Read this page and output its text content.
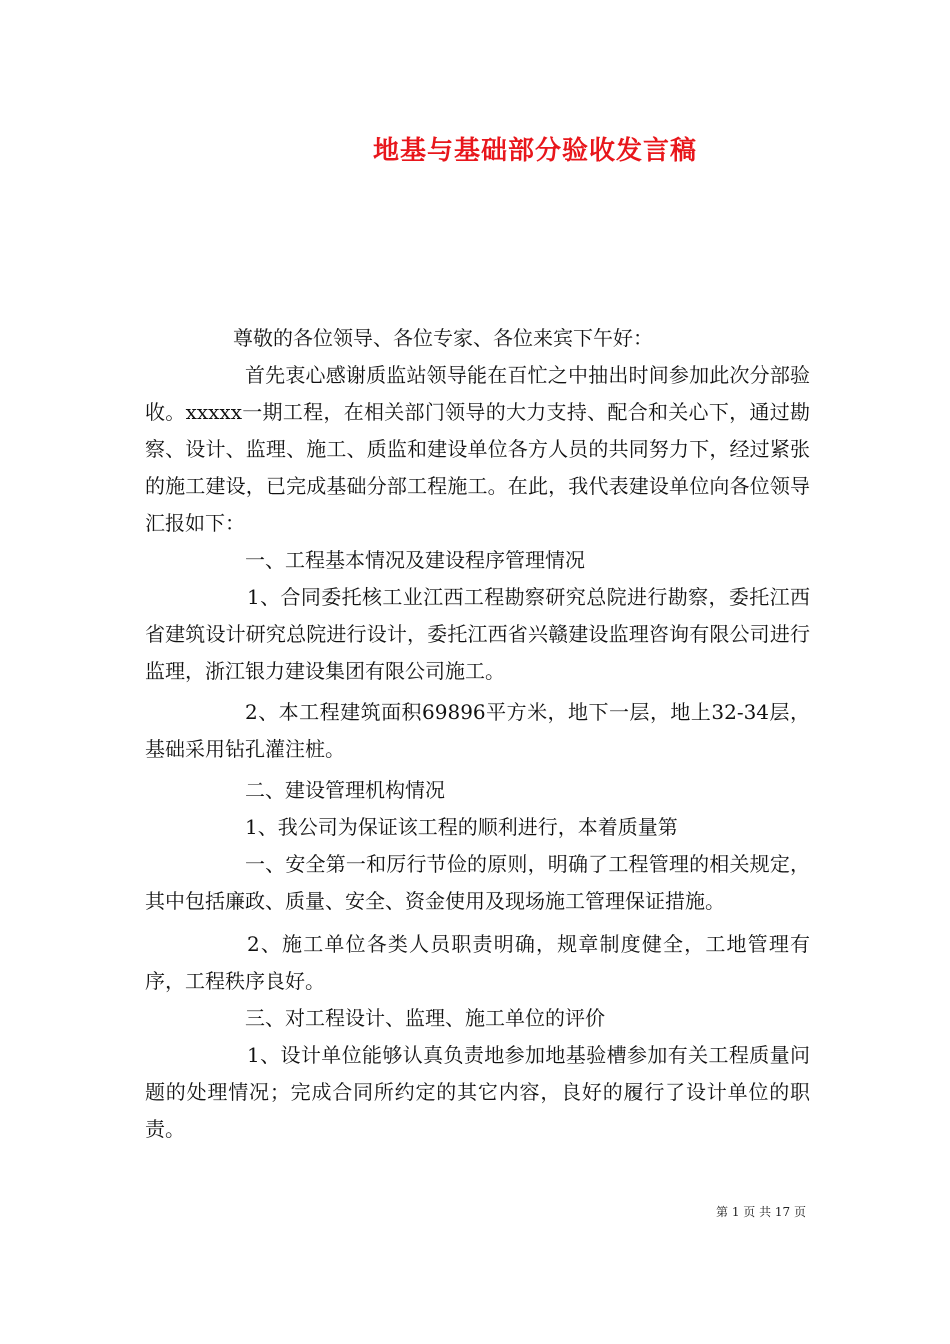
地基与基础部分验收发言稿

尊敬的各位领导、各位专家、各位来宾下午好：

首先衷心感谢质监站领导能在百忙之中抽出时间参加此次分部验收。xxxxx一期工程，在相关部门领导的大力支持、配合和关心下，通过勘察、设计、监理、施工、质监和建设单位各方人员的共同努力下，经过紧张的施工建设，已完成基础分部工程施工。在此，我代表建设单位向各位领导汇报如下：

一、工程基本情况及建设程序管理情况

1、合同委托核工业江西工程勘察研究总院进行勘察，委托江西省建筑设计研究总院进行设计，委托江西省兴赣建设监理咨询有限公司进行监理，浙江银力建设集团有限公司施工。

2、本工程建筑面积69896平方米，地下一层，地上32-34层，基础采用钻孔灌注桩。

二、建设管理机构情况

1、我公司为保证该工程的顺利进行，本着质量第

一、安全第一和厉行节俭的原则，明确了工程管理的相关规定，其中包括廉政、质量、安全、资金使用及现场施工管理保证措施。

2、施工单位各类人员职责明确，规章制度健全，工地管理有序，工程秩序良好。

三、对工程设计、监理、施工单位的评价

1、设计单位能够认真负责地参加地基验槽参加有关工程质量问题的处理情况；完成合同所约定的其它内容，良好的履行了设计单位的职责。

第 1 页 共 17 页
